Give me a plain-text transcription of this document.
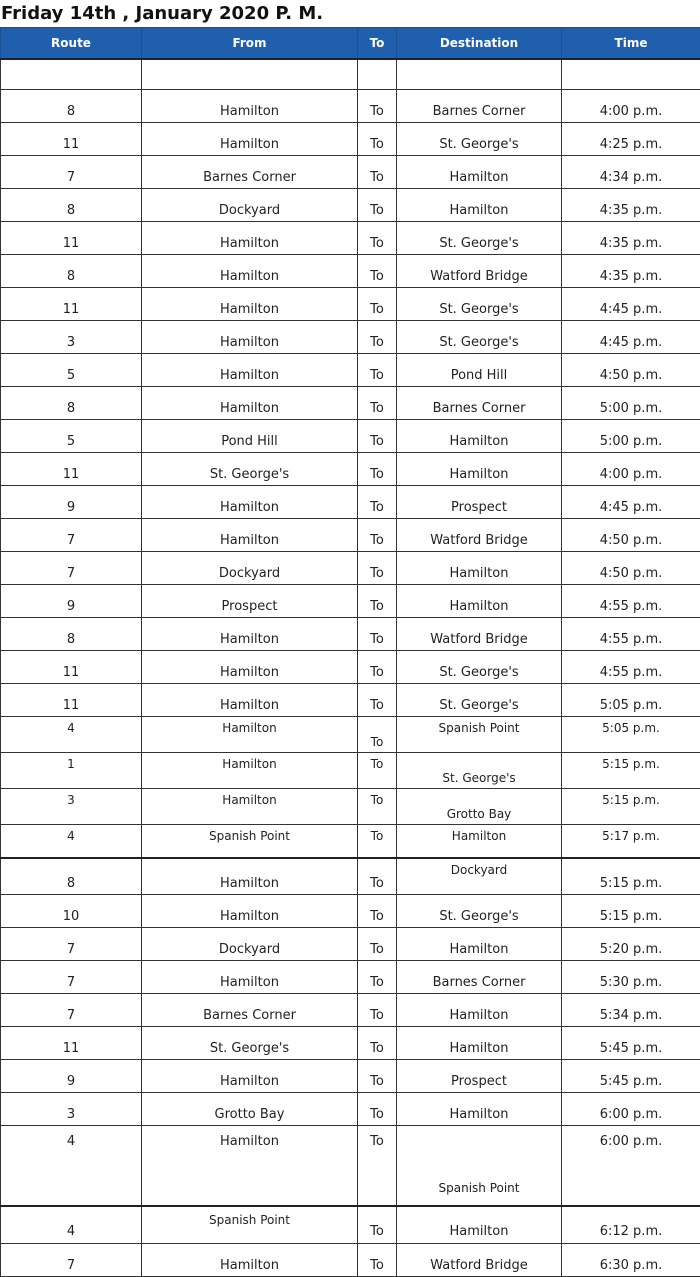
Friday 14th , January 2020 P. M.
Route	From	To	Destination	Time

8	Hamilton	To	Barnes Corner	4:00 p.m.
11	Hamilton	To	St. George's	4:25 p.m.
7	Barnes Corner	To	Hamilton	4:34 p.m.
8	Dockyard	To	Hamilton	4:35 p.m.
11	Hamilton	To	St. George's	4:35 p.m.
8	Hamilton	To	Watford Bridge	4:35 p.m.
11	Hamilton	To	St. George's	4:45 p.m.
3	Hamilton	To	St. George's	4:45 p.m.
5	Hamilton	To	Pond Hill	4:50 p.m.
8	Hamilton	To	Barnes Corner	5:00 p.m.
5	Pond Hill	To	Hamilton	5:00 p.m.
11	St. George's	To	Hamilton	4:00 p.m.
9	Hamilton	To	Prospect	4:45 p.m.
7	Hamilton	To	Watford Bridge	4:50 p.m.
7	Dockyard	To	Hamilton	4:50 p.m.
9	Prospect	To	Hamilton	4:55 p.m.
8	Hamilton	To	Watford Bridge	4:55 p.m.
11	Hamilton	To	St. George's	4:55 p.m.
11	Hamilton	To	St. George's	5:05 p.m.
4	Hamilton	To	Spanish Point	5:05 p.m.
1	Hamilton	To	St. George's	5:15 p.m.
3	Hamilton	To	Grotto Bay	5:15 p.m.
4	Spanish Point	To	Hamilton	5:17 p.m.
8	Hamilton	To	Dockyard	5:15 p.m.
10	Hamilton	To	St. George's	5:15 p.m.
7	Dockyard	To	Hamilton	5:20 p.m.
7	Hamilton	To	Barnes Corner	5:30 p.m.
7	Barnes Corner	To	Hamilton	5:34 p.m.
11	St. George's	To	Hamilton	5:45 p.m.
9	Hamilton	To	Prospect	5:45 p.m.
3	Grotto Bay	To	Hamilton	6:00 p.m.
4	Hamilton	To	Spanish Point	6:00 p.m.
4	Spanish Point	To	Hamilton	6:12 p.m.
7	Hamilton	To	Watford Bridge	6:30 p.m.
